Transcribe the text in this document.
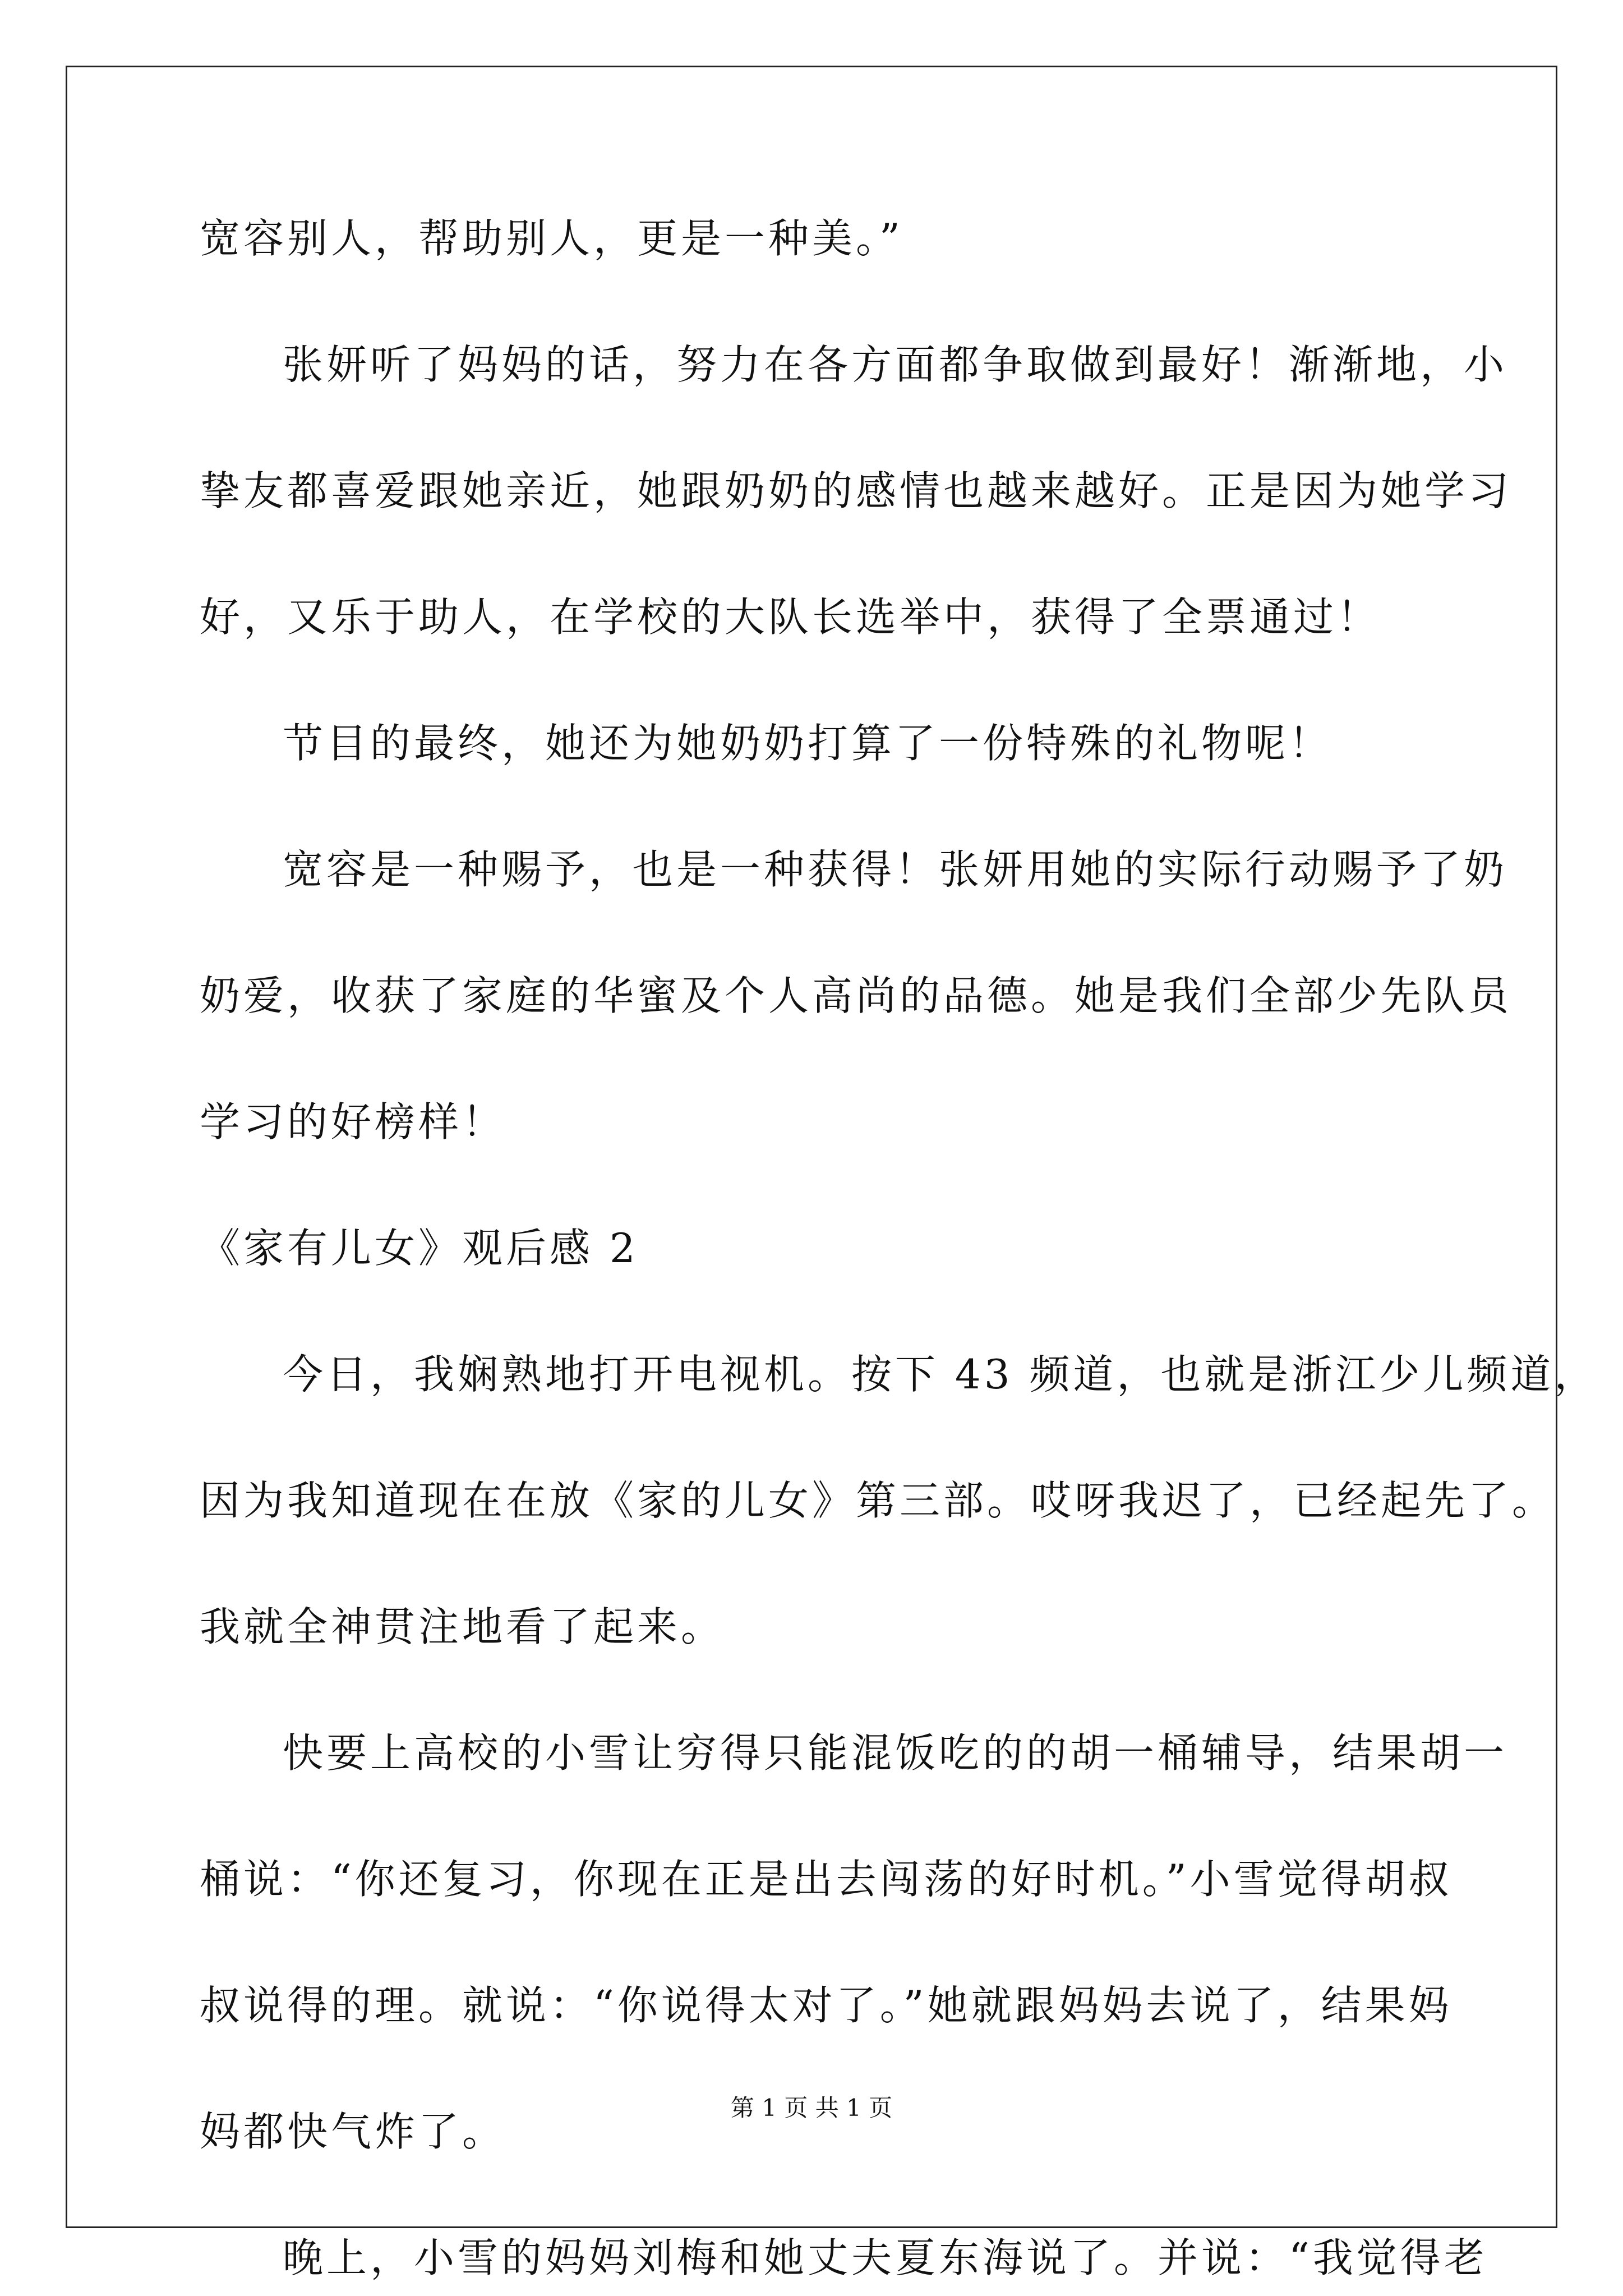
宽容别人，帮助别人，更是一种美。”
张妍听了妈妈的话，努力在各方面都争取做到最好！渐渐地，小
挚友都喜爱跟她亲近，她跟奶奶的感情也越来越好。正是因为她学习
好，又乐于助人，在学校的大队长选举中，获得了全票通过！
节目的最终，她还为她奶奶打算了一份特殊的礼物呢！
宽容是一种赐予，也是一种获得！张妍用她的实际行动赐予了奶
奶爱，收获了家庭的华蜜及个人高尚的品德。她是我们全部少先队员
学习的好榜样！
《家有儿女》观后感 2
今日，我娴熟地打开电视机。按下 43 频道，也就是浙江少儿频道，
因为我知道现在在放《家的儿女》第三部。哎呀我迟了，已经起先了。
我就全神贯注地看了起来。
快要上高校的小雪让穷得只能混饭吃的的胡一桶辅导，结果胡一
桶说：“你还复习，你现在正是出去闯荡的好时机。”小雪觉得胡叔
叔说得的理。就说：“你说得太对了。”她就跟妈妈去说了，结果妈
妈都快气炸了。
晚上，小雪的妈妈刘梅和她丈夫夏东海说了。并说：“我觉得老
第 1 页 共 1 页
